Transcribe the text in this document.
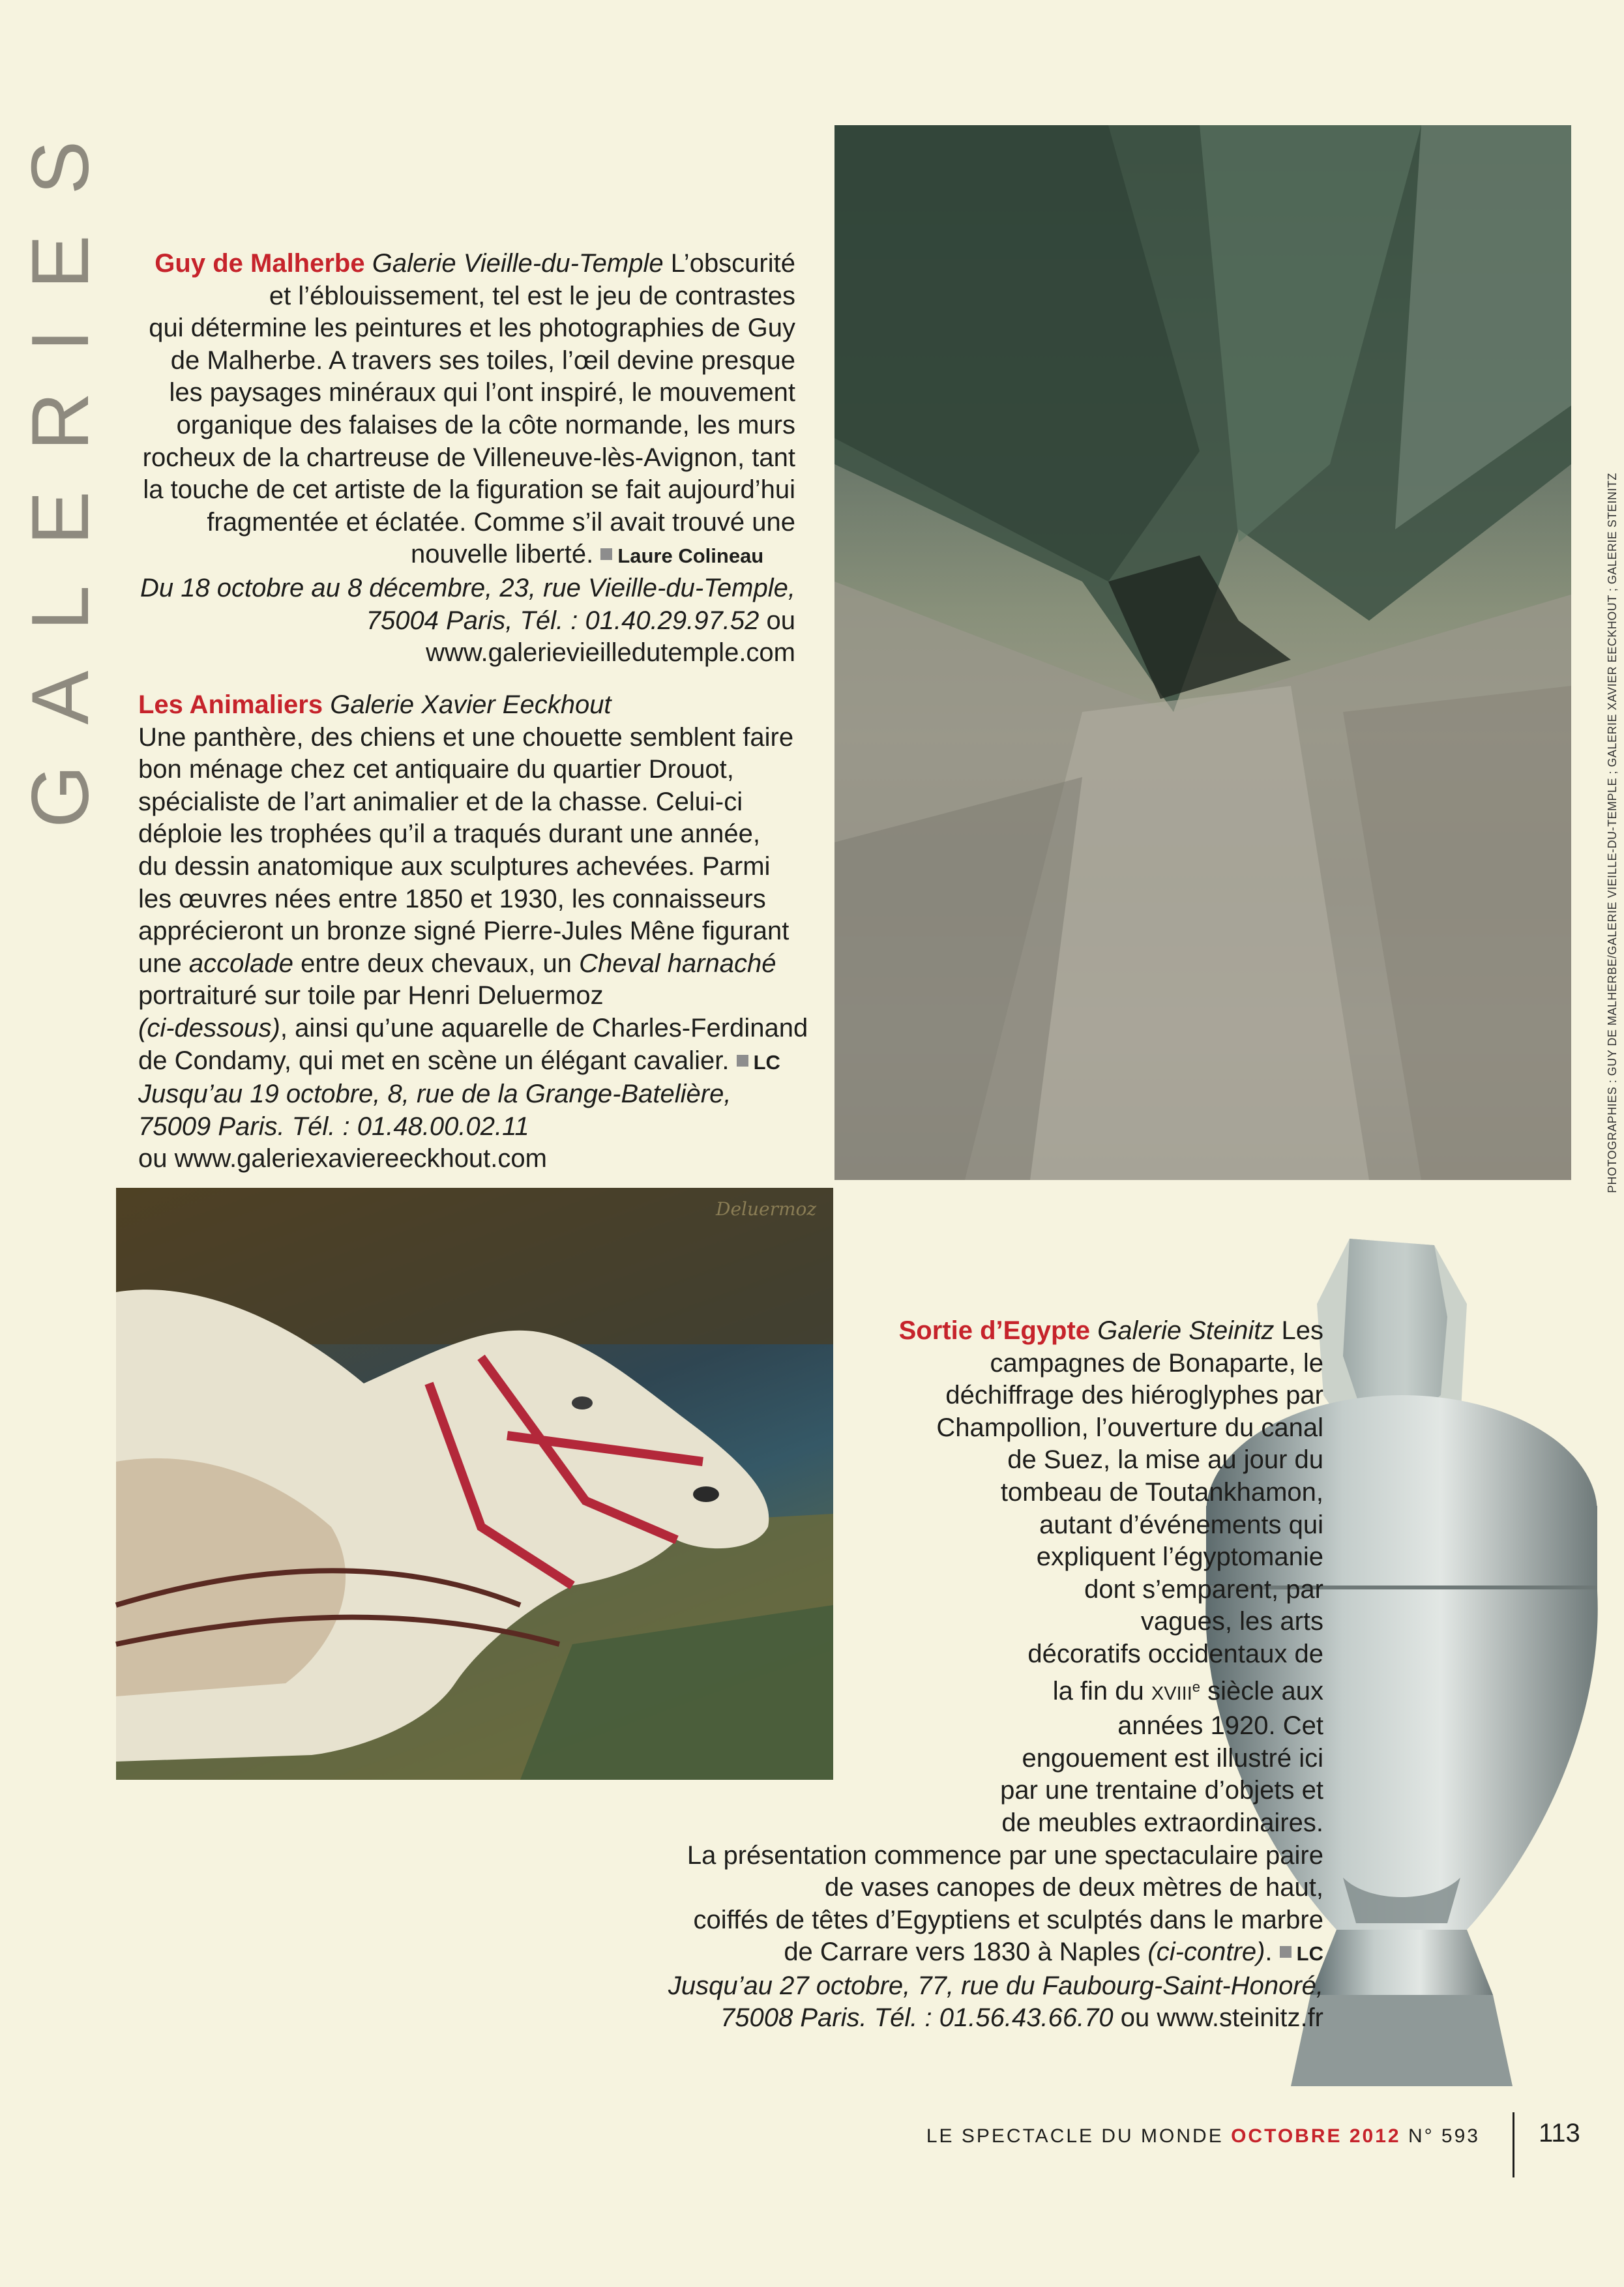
GALERIES
PHOTOGRAPHIES : GUY DE MALHERBE/GALERIE VIEILLE-DU-TEMPLE ; GALERIE XAVIER EECKHOUT ; GALERIE STEINITZ
Deluermoz

Guy de Malherbe Galerie Vieille-du-Temple L’obscurité

et l’éblouissement, tel est le jeu de contrastes

qui détermine les peintures et les photographies de Guy

de Malherbe. A travers ses toiles, l’œil devine presque

les paysages minéraux qui l’ont inspiré, le mouvement

organique des falaises de la côte normande, les murs

rocheux de la chartreuse de Villeneuve-lès-Avignon, tant

la touche de cet artiste de la figuration se fait aujourd’hui

fragmentée et éclatée. Comme s’il avait trouvé une

nouvelle liberté. Laure Colineau

Du 18 octobre au 8 décembre, 23, rue Vieille-du-Temple,

75004 Paris, Tél. : 01.40.29.97.52 ou

www.galerievieilledutemple.com

Les Animaliers Galerie Xavier Eeckhout

Une panthère, des chiens et une chouette semblent faire

bon ménage chez cet antiquaire du quartier Drouot,

spécialiste de l’art animalier et de la chasse. Celui-ci

déploie les trophées qu’il a traqués durant une année,

du dessin anatomique aux sculptures achevées. Parmi

les œuvres nées entre 1850 et 1930, les connaisseurs

apprécieront un bronze signé Pierre-Jules Mêne figurant

une accolade entre deux chevaux, un Cheval harnaché

portraituré sur toile par Henri Deluermoz

(ci-dessous), ainsi qu’une aquarelle de Charles-Ferdinand

de Condamy, qui met en scène un élégant cavalier. LC

Jusqu’au 19 octobre, 8, rue de la Grange-Batelière,

75009 Paris. Tél. : 01.48.00.02.11

ou www.galeriexaviereeckhout.com

Sortie d’Egypte Galerie Steinitz Les

campagnes de Bonaparte, le

déchiffrage des hiéroglyphes par

Champollion, l’ouverture du canal

de Suez, la mise au jour du

tombeau de Toutankhamon,

autant d’événements qui

expliquent l’égyptomanie

dont s’emparent, par

vagues, les arts

décoratifs occidentaux de

la fin du XVIIIe siècle aux

années 1920. Cet

engouement est illustré ici

par une trentaine d’objets et

de meubles extraordinaires.

La présentation commence par une spectaculaire paire

de vases canopes de deux mètres de haut,

coiffés de têtes d’Egyptiens et sculptés dans le marbre

de Carrare vers 1830 à Naples (ci-contre). LC

Jusqu’au 27 octobre, 77, rue du Faubourg-Saint-Honoré,

75008 Paris. Tél. : 01.56.43.66.70 ou www.steinitz.fr

LE SPECTACLE DU MONDE OCTOBRE 2012 N° 593 113
